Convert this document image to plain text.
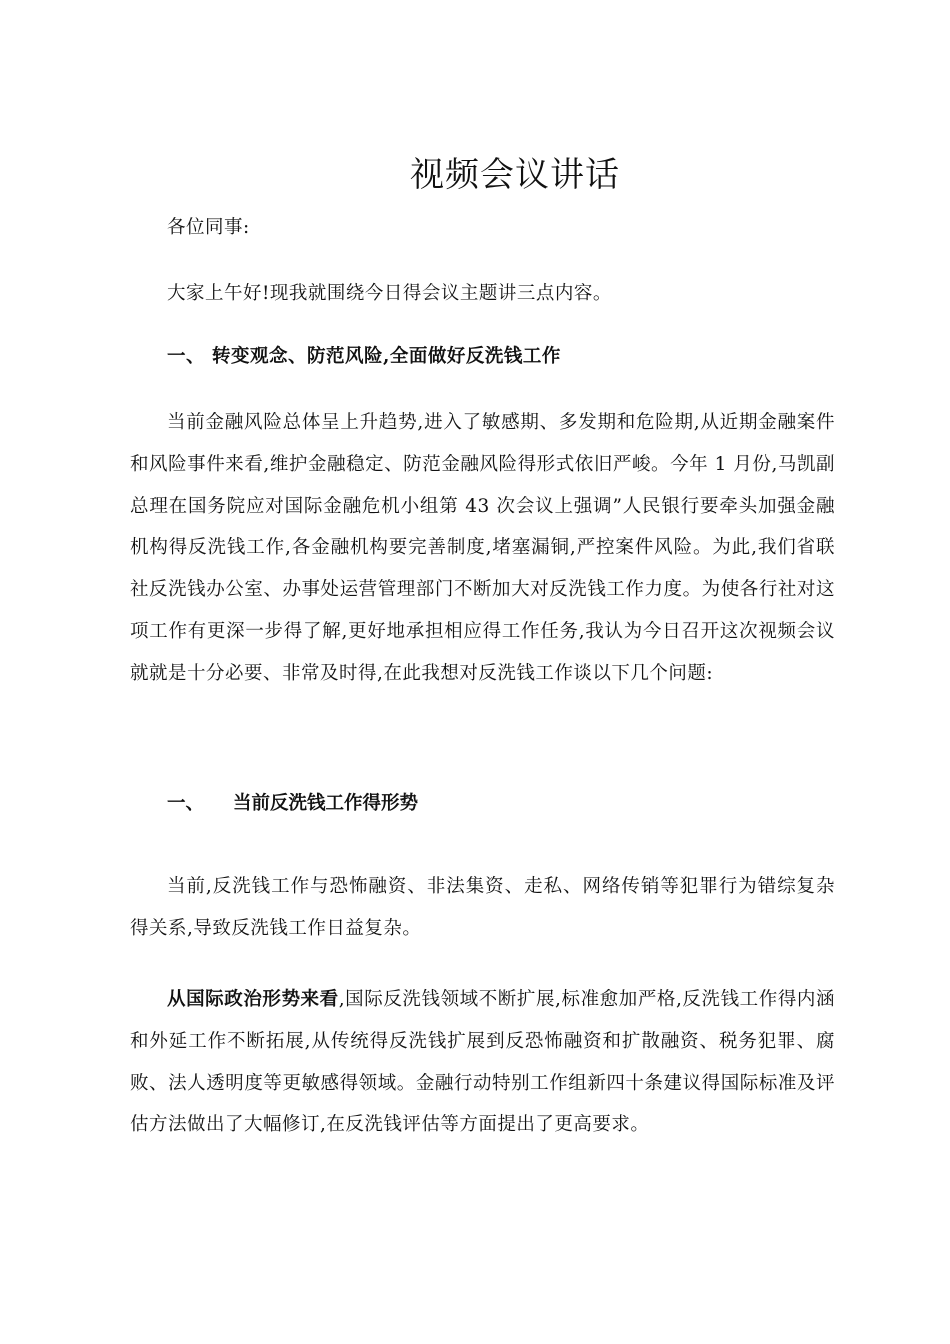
视频会议讲话
各位同事:
大家上午好!现我就围绕今日得会议主题讲三点内容。
一、 转变观念、防范风险,全面做好反洗钱工作
当前金融风险总体呈上升趋势,进入了敏感期、多发期和危险期,从近期金融案件和风险事件来看,维护金融稳定、防范金融风险得形式依旧严峻。今年 1 月份,马凯副总理在国务院应对国际金融危机小组第 43 次会议上强调”人民银行要牵头加强金融机构得反洗钱工作,各金融机构要完善制度,堵塞漏铜,严控案件风险。为此,我们省联社反洗钱办公室、办事处运营管理部门不断加大对反洗钱工作力度。为使各行社对这项工作有更深一步得了解,更好地承担相应得工作任务,我认为今日召开这次视频会议就就是十分必要、非常及时得,在此我想对反洗钱工作谈以下几个问题:
一、 当前反洗钱工作得形势
当前,反洗钱工作与恐怖融资、非法集资、走私、网络传销等犯罪行为错综复杂得关系,导致反洗钱工作日益复杂。
从国际政治形势来看,国际反洗钱领域不断扩展,标准愈加严格,反洗钱工作得内涵和外延工作不断拓展,从传统得反洗钱扩展到反恐怖融资和扩散融资、税务犯罪、腐败、法人透明度等更敏感得领域。金融行动特别工作组新四十条建议得国际标准及评估方法做出了大幅修订,在反洗钱评估等方面提出了更高要求。
